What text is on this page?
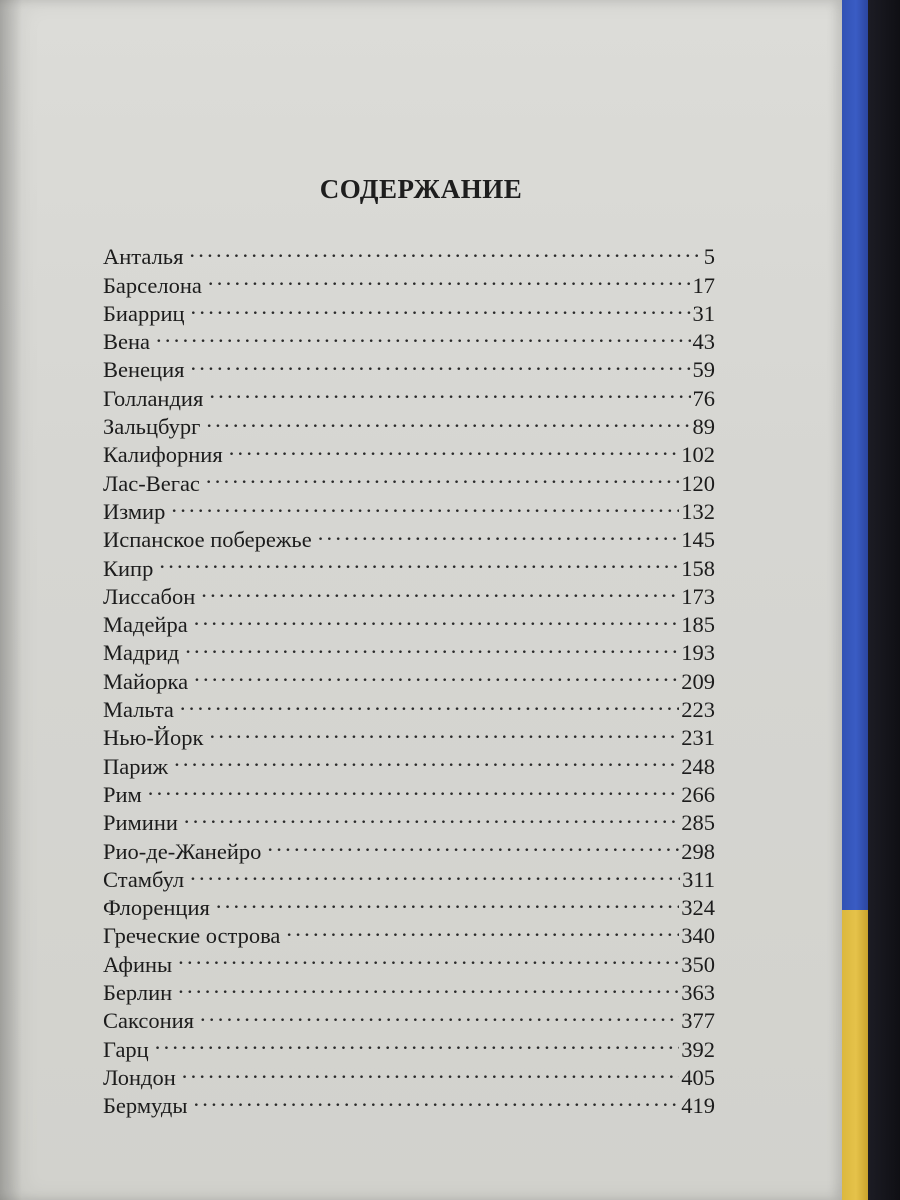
СОДЕРЖАНИЕ
Анталья . . .	5
Барселона . . .	17
Биарриц . . .	31
Вена . . .	43
Венеция . . .	59
Голландия . . .	76
Зальцбург . . .	89
Калифорния . . .	102
Лас-Вегас . . .	120
Измир . . .	132
Испанское побережье . . .	145
Кипр . . .	158
Лиссабон . . .	173
Мадейра . . .	185
Мадрид . . .	193
Майорка . . .	209
Мальта . . .	223
Нью-Йорк . . .	231
Париж . . .	248
Рим . . .	266
Римини . . .	285
Рио-де-Жанейро . . .	298
Стамбул . . .	311
Флоренция . . .	324
Греческие острова . . .	340
Афины . . .	350
Берлин . . .	363
Саксония . . .	377
Гарц . . .	392
Лондон . . .	405
Бермуды . . .	419
